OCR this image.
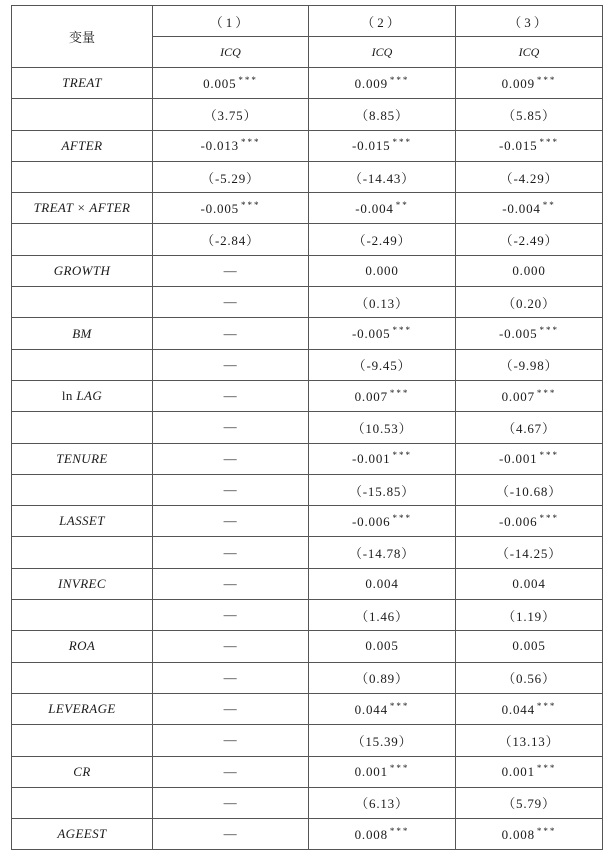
变量	（1）	（2）	（3）
	ICQ	ICQ	ICQ
TREAT	0.005 ***	0.009 ***	0.009 ***
	（3.75）	（8.85）	（5.85）
AFTER	-0.013 ***	-0.015 ***	-0.015 ***
	（-5.29）	（-14.43）	（-4.29）
TREAT × AFTER	-0.005 ***	-0.004 **	-0.004 **
	（-2.84）	（-2.49）	（-2.49）
GROWTH	—	0.000	0.000
	—	（0.13）	（0.20）
BM	—	-0.005 ***	-0.005 ***
	—	（-9.45）	（-9.98）
ln LAG	—	0.007 ***	0.007 ***
	—	（10.53）	（4.67）
TENURE	—	-0.001 ***	-0.001 ***
	—	（-15.85）	（-10.68）
LASSET	—	-0.006 ***	-0.006 ***
	—	（-14.78）	（-14.25）
INVREC	—	0.004	0.004
	—	（1.46）	（1.19）
ROA	—	0.005	0.005
	—	（0.89）	（0.56）
LEVERAGE	—	0.044 ***	0.044 ***
	—	（15.39）	（13.13）
CR	—	0.001 ***	0.001 ***
	—	（6.13）	（5.79）
AGEEST	—	0.008 ***	0.008 ***
